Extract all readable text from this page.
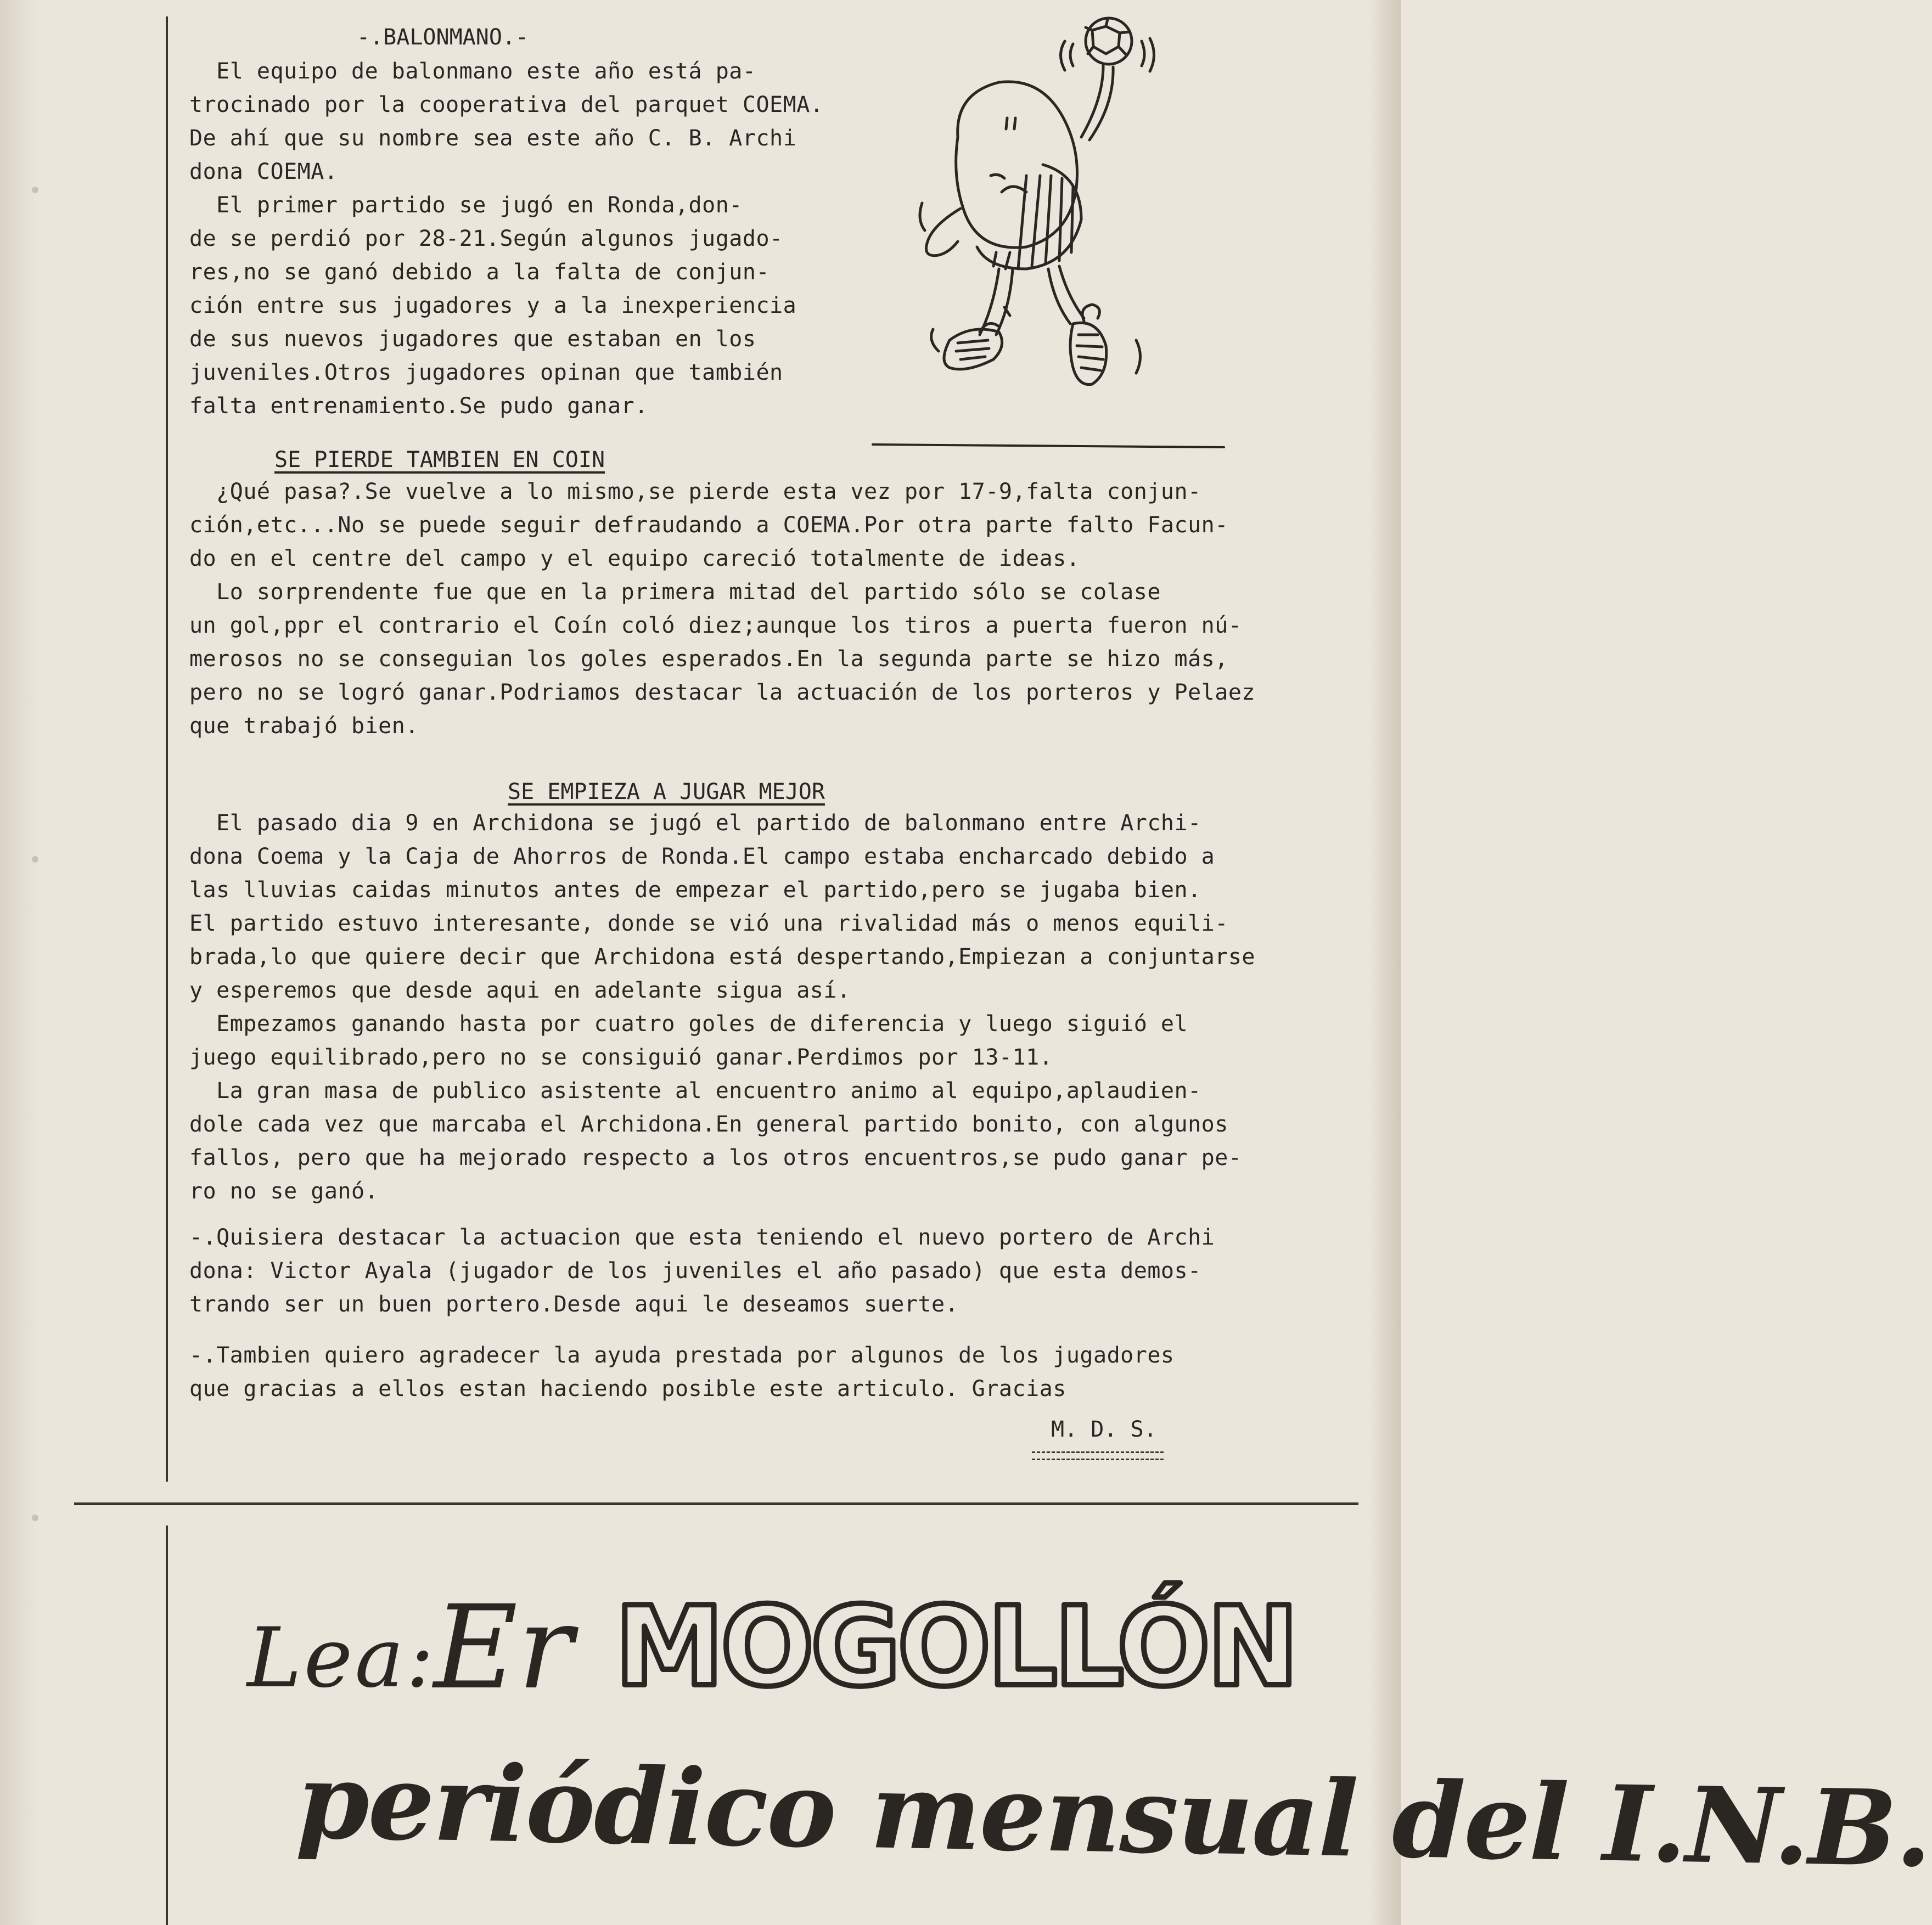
-.BALONMANO.-
El equipo de balonmano este año está pa-
trocinado por la cooperativa del parquet COEMA.
De ahí que su nombre sea este año C. B. Archi
dona COEMA.
El primer partido se jugó en Ronda,don-
de se perdió por 28-21.Según algunos jugado-
res,no se ganó debido a la falta de conjun-
ción entre sus jugadores y a la inexperiencia
de sus nuevos jugadores que estaban en los
juveniles.Otros jugadores opinan que también
falta entrenamiento.Se pudo ganar.
SE PIERDE TAMBIEN EN COIN
¿Qué pasa?.Se vuelve a lo mismo,se pierde esta vez por 17-9,falta conjun-
ción,etc...No se puede seguir defraudando a COEMA.Por otra parte falto Facun-
do en el centre del campo y el equipo careció totalmente de ideas.
Lo sorprendente fue que en la primera mitad del partido sólo se colase
un gol,ppr el contrario el Coín coló diez;aunque los tiros a puerta fueron nú-
merosos no se conseguian los goles esperados.En la segunda parte se hizo más,
pero no se logró ganar.Podriamos destacar la actuación de los porteros y Pelaez
que trabajó bien.
SE EMPIEZA A JUGAR MEJOR
El pasado dia 9 en Archidona se jugó el partido de balonmano entre Archi-
dona Coema y la Caja de Ahorros de Ronda.El campo estaba encharcado debido a
las lluvias caidas minutos antes de empezar el partido,pero se jugaba bien.
El partido estuvo interesante, donde se vió una rivalidad más o menos equili-
brada,lo que quiere decir que Archidona está despertando,Empiezan a conjuntarse
y esperemos que desde aqui en adelante sigua así.
Empezamos ganando hasta por cuatro goles de diferencia y luego siguió el
juego equilibrado,pero no se consiguió ganar.Perdimos por 13-11.
La gran masa de publico asistente al encuentro animo al equipo,aplaudien-
dole cada vez que marcaba el Archidona.En general partido bonito, con algunos
fallos, pero que ha mejorado respecto a los otros encuentros,se pudo ganar pe-
ro no se ganó.
-.Quisiera destacar la actuacion que esta teniendo el nuevo portero de Archi
dona: Victor Ayala (jugador de los juveniles el año pasado) que esta demos-
trando ser un buen portero.Desde aqui le deseamos suerte.
-.Tambien quiero agradecer la ayuda prestada por algunos de los jugadores
que gracias a ellos estan haciendo posible este articulo. Gracias
M. D. S.
Lea:
Er MOGOLLÓN
periódico mensual del I.N.B.
